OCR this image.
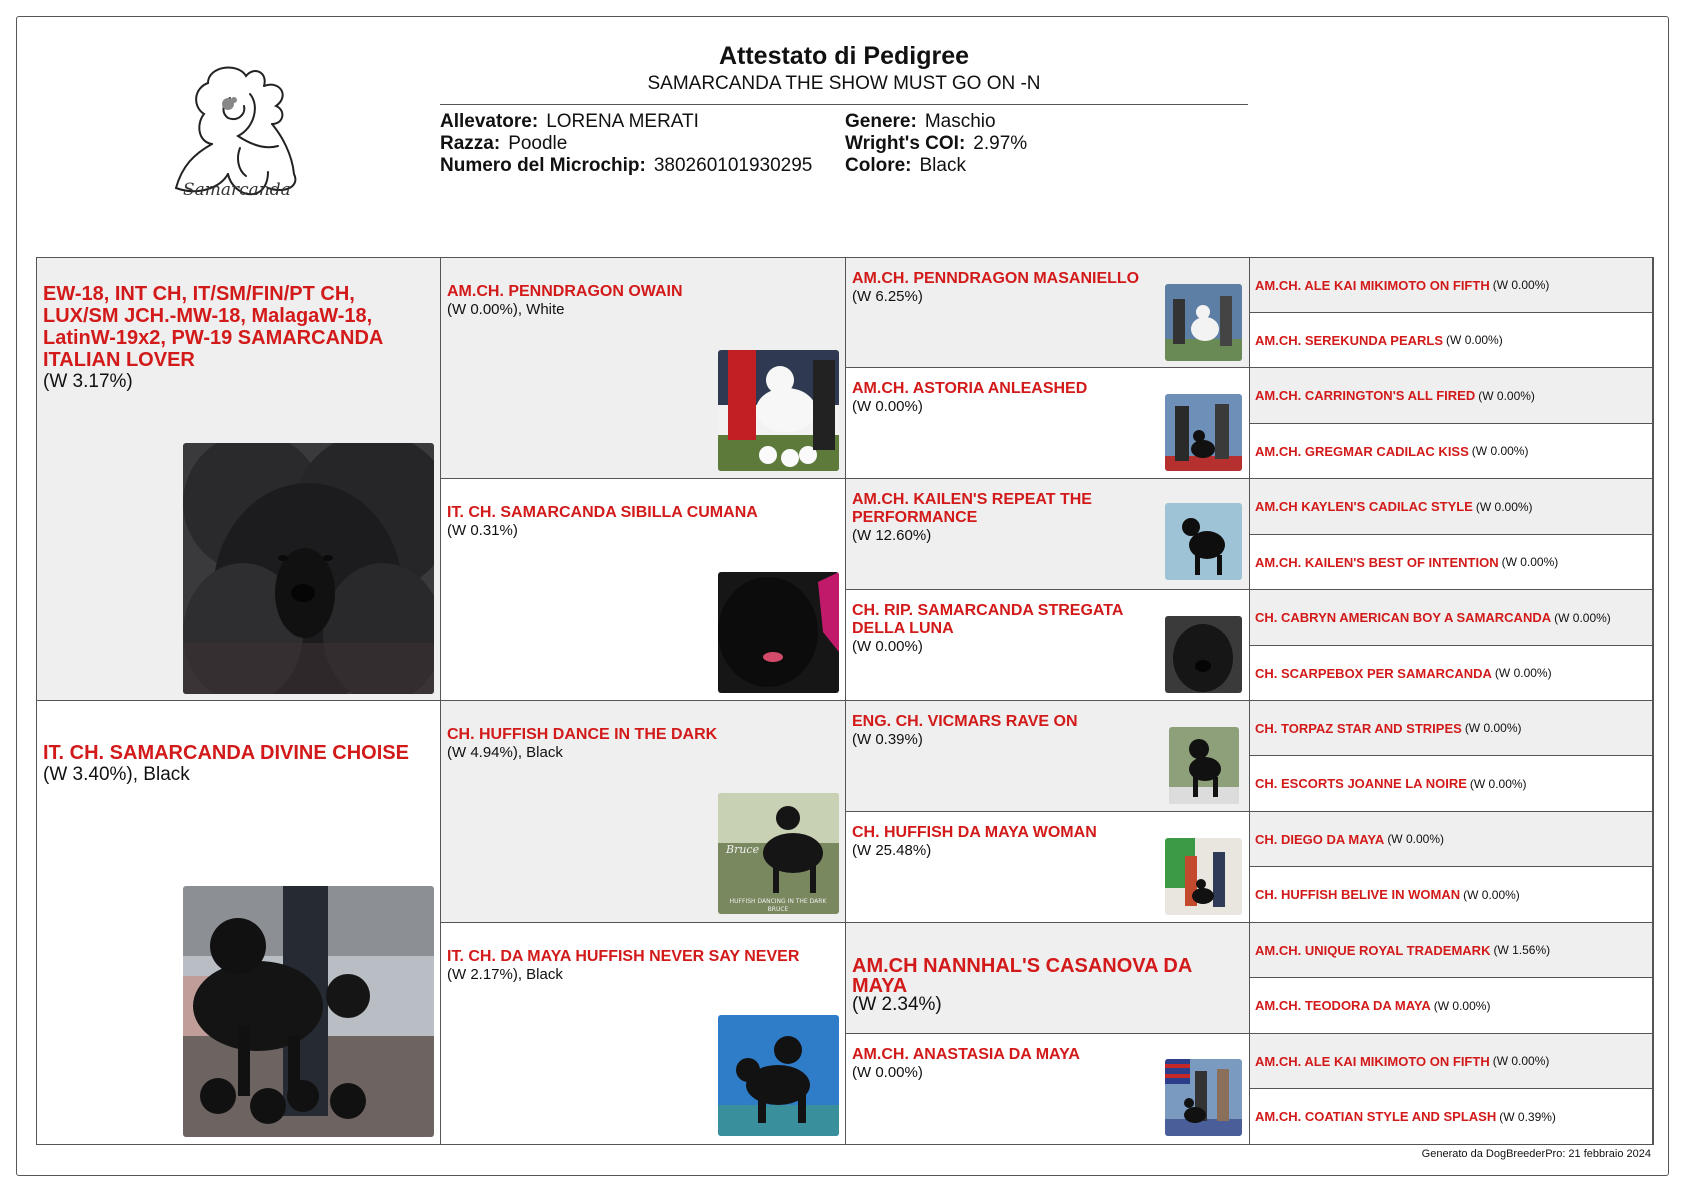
Samarcanda
Attestato di Pedigree
SAMARCANDA THE SHOW MUST GO ON -N
Allevatore: LORENA MERATI
Razza: Poodle
Numero del Microchip: 380260101930295
Genere: Maschio
Wright's COI: 2.97%
Colore: Black
EW-18, INT CH, IT/SM/FIN/PT CH, LUX/SM JCH.-MW-18, MalagaW-18, LatinW-19x2, PW-19 SAMARCANDA ITALIAN LOVER
(W 3.17%)
IT. CH. SAMARCANDA DIVINE CHOISE
(W 3.40%), Black
AM.CH. PENNDRAGON OWAIN
(W 0.00%), White
IT. CH. SAMARCANDA SIBILLA CUMANA
(W 0.31%)
CH. HUFFISH DANCE IN THE DARK
(W 4.94%), Black
Bruce
HUFFISH DANCING IN THE DARK
BRUCE
IT. CH. DA MAYA HUFFISH NEVER SAY NEVER
(W 2.17%), Black
AM.CH. PENNDRAGON MASANIELLO
(W 6.25%)
AM.CH. ASTORIA ANLEASHED
(W 0.00%)
AM.CH. KAILEN'S REPEAT THE PERFORMANCE
(W 12.60%)
CH. RIP. SAMARCANDA STREGATA DELLA LUNA
(W 0.00%)
ENG. CH. VICMARS RAVE ON
(W 0.39%)
CH. HUFFISH DA MAYA WOMAN
(W 25.48%)
AM.CH NANNHAL'S CASANOVA DA MAYA
(W 2.34%)
AM.CH. ANASTASIA DA MAYA
(W 0.00%)
AM.CH. ALE KAI MIKIMOTO ON FIFTH (W 0.00%)
AM.CH. SEREKUNDA PEARLS (W 0.00%)
AM.CH. CARRINGTON'S ALL FIRED (W 0.00%)
AM.CH. GREGMAR CADILAC KISS (W 0.00%)
AM.CH KAYLEN'S CADILAC STYLE (W 0.00%)
AM.CH. KAILEN'S BEST OF INTENTION (W 0.00%)
CH. CABRYN AMERICAN BOY A SAMARCANDA (W 0.00%)
CH. SCARPEBOX PER SAMARCANDA (W 0.00%)
CH. TORPAZ STAR AND STRIPES (W 0.00%)
CH. ESCORTS JOANNE LA NOIRE (W 0.00%)
CH. DIEGO DA MAYA (W 0.00%)
CH. HUFFISH BELIVE IN WOMAN (W 0.00%)
AM.CH. UNIQUE ROYAL TRADEMARK (W 1.56%)
AM.CH. TEODORA DA MAYA (W 0.00%)
AM.CH. ALE KAI MIKIMOTO ON FIFTH (W 0.00%)
AM.CH. COATIAN STYLE AND SPLASH (W 0.39%)
Generato da DogBreederPro: 21 febbraio 2024
